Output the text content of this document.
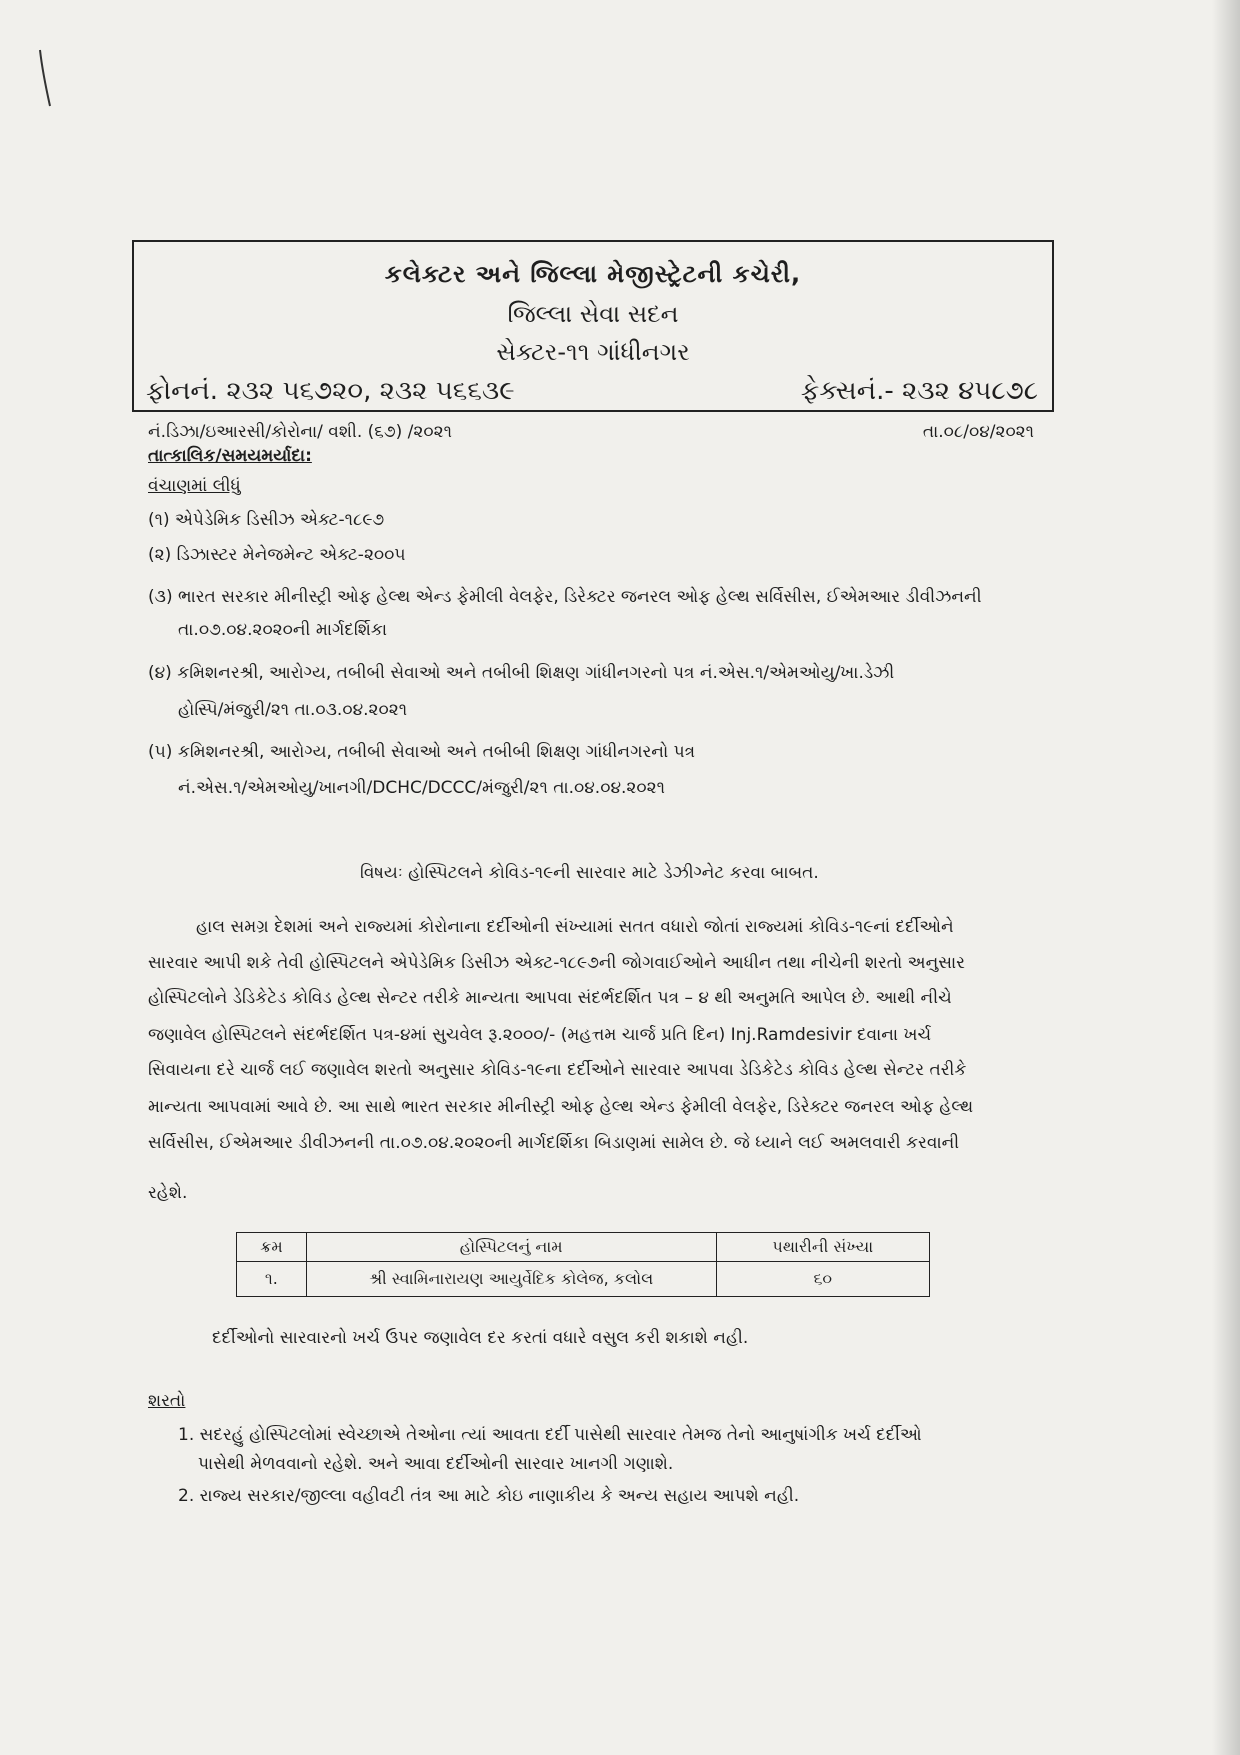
કલેક્ટર અને જિલ્લા મેજીસ્ટ્રેટની કચેરી,
જિલ્લા સેવા સદન
સેક્ટર-૧૧ ગાંધીનગર
ફોનનં. ૨૩૨ ૫૬૭૨૦, ૨૩૨ ૫૬૬૩૯	ફેક્સનં.- ૨૩૨ ૪૫૮૭૮
નં.ડિઝા/ઇઆરસી/કોરોના/ વશી. (૬૭) /૨૦૨૧	તા.૦૮/૦૪/૨૦૨૧
તાત્કાલિક/સમયમર્યાદા:
વંચાણમાં લીધું
(૧) એપેડેમિક ડિસીઝ એક્ટ-૧૮૯૭
(૨) ડિઝાસ્ટર મેનેજમેન્ટ એક્ટ-૨૦૦૫
(૩) ભારત સરકાર મીનીસ્ટ્રી ઓફ હેલ્થ એન્ડ ફેમીલી વેલફેર, ડિરેક્ટર જનરલ ઓફ હેલ્થ સર્વિસીસ, ઈએમઆર ડીવીઝનની
તા.૦૭.૦૪.૨૦૨૦ની માર્ગદર્શિકા
(૪) કમિશનરશ્રી, આરોગ્ય, તબીબી સેવાઓ અને તબીબી શિક્ષણ ગાંધીનગરનો પત્ર નં.એસ.૧/એમઓયુ/ખા.ડેઝી
હોસ્પિ/મંજુરી/૨૧ તા.૦૩.૦૪.૨૦૨૧
(૫) કમિશનરશ્રી, આરોગ્ય, તબીબી સેવાઓ અને તબીબી શિક્ષણ ગાંધીનગરનો પત્ર
નં.એસ.૧/એમઓયુ/ખાનગી/DCHC/DCCC/મંજુરી/૨૧ તા.૦૪.૦૪.૨૦૨૧
વિષયઃ હોસ્પિટલને કોવિડ-૧૯ની સારવાર માટે ડેઝીગ્નેટ કરવા બાબત.
હાલ સમગ્ર દેશમાં અને રાજ્યમાં કોરોનાના દર્દીઓની સંખ્યામાં સતત વધારો જોતાં રાજ્યમાં કોવિડ-૧૯નાં દર્દીઓને
સારવાર આપી શકે તેવી હોસ્પિટલને એપેડેમિક ડિસીઝ એક્ટ-૧૮૯૭ની જોગવાઈઓને આધીન તથા નીચેની શરતો અનુસાર
હોસ્પિટલોને ડેડિકેટેડ કોવિડ હેલ્થ સેન્ટર તરીકે માન્યતા આપવા સંદર્ભદર્શિત પત્ર – ૪ થી અનુમતિ આપેલ છે. આથી નીચે
જણાવેલ હોસ્પિટલને સંદર્ભદર્શિત પત્ર-૪માં સુચવેલ રૂ.૨૦૦૦/- (મહત્તમ ચાર્જ પ્રતિ દિન) Inj.Ramdesivir દવાના ખર્ચ
સિવાયના દરે ચાર્જ લઈ જણાવેલ શરતો અનુસાર કોવિડ-૧૯ના દર્દીઓને સારવાર આપવા ડેડિકેટેડ કોવિડ હેલ્થ સેન્ટર તરીકે
માન્યતા આપવામાં આવે છે. આ સાથે ભારત સરકાર મીનીસ્ટ્રી ઓફ હેલ્થ એન્ડ ફેમીલી વેલફેર, ડિરેક્ટર જનરલ ઓફ હેલ્થ
સર્વિસીસ, ઈએમઆર ડીવીઝનની તા.૦૭.૦૪.૨૦૨૦ની માર્ગદર્શિકા બિડાણમાં સામેલ છે. જે ધ્યાને લઈ અમલવારી કરવાની
રહેશે.
ક્રમ	હોસ્પિટલનું નામ	પથારીની સંખ્યા
૧.	શ્રી સ્વામિનારાયણ આયુર્વેદિક કોલેજ, કલોલ	૬૦
દર્દીઓનો સારવારનો ખર્ચ ઉપર જણાવેલ દર કરતાં વધારે વસુલ કરી શકાશે નહી.
શરતો
1. સદરહું હોસ્પિટલોમાં સ્વેચ્છાએ તેઓના ત્યાં આવતા દર્દી પાસેથી સારવાર તેમજ તેનો આનુષાંગીક ખર્ચ દર્દીઓ
પાસેથી મેળવવાનો રહેશે. અને આવા દર્દીઓની સારવાર ખાનગી ગણાશે.
2. રાજ્ય સરકાર/જીલ્લા વહીવટી તંત્ર આ માટે કોઇ નાણાકીય કે અન્ય સહાય આપશે નહી.
